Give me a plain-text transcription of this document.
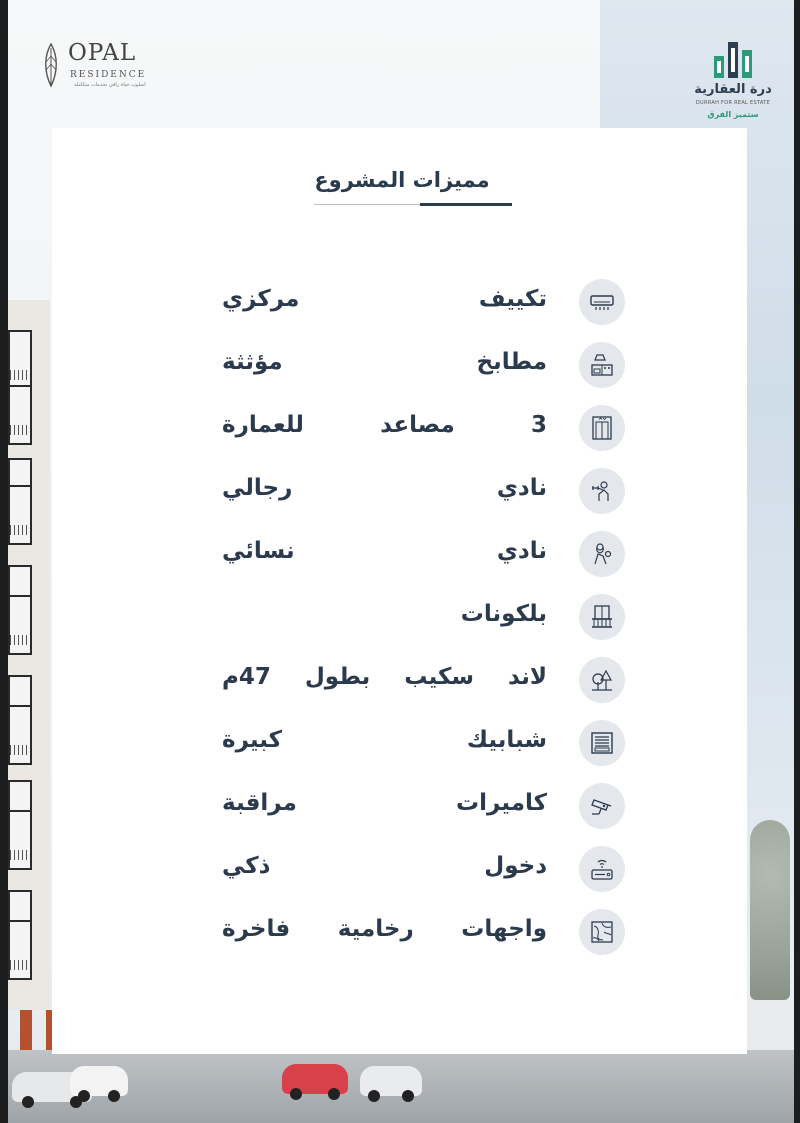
OPAL
RESIDENCE
اسلوب حياة راقي بخدمات متكاملة	درة العقارية
DURRAH FOR REAL ESTATE
ستميز الفرق
مميزات المشروع
تكييف مركزي
مطابخ مؤثثة
3 مصاعد للعمارة
نادي رجالي
نادي نسائي
بلكونات
لاند سكيب بطول 47م
شبابيك كبيرة
كاميرات مراقبة
دخول ذكي
واجهات رخامية فاخرة
